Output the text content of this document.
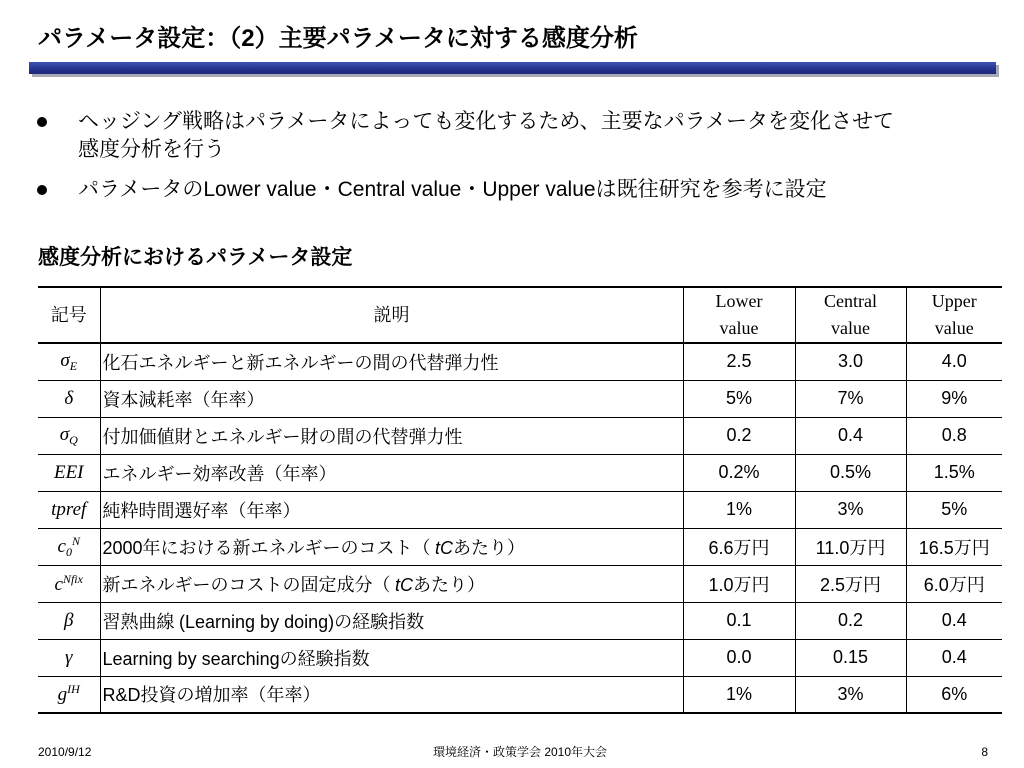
パラメータ設定：（2）主要パラメータに対する感度分析
ヘッジング戦略はパラメータによっても変化するため、主要なパラメータを変化させて
感度分析を行う
パラメータのLower value・Central value・Upper valueは既往研究を参考に設定
感度分析におけるパラメータ設定
記号	説明	Lower value	Central value	Upper value
$\sigma_E$	化石エネルギーと新エネルギーの間の代替弾力性	2.5	3.0	4.0
δ	資本減耗率（年率）	5%	7%	9%
$\sigma_Q$	付加価値財とエネルギー財の間の代替弾力性	0.2	0.4	0.8
EEI	エネルギー効率改善（年率）	0.2%	0.5%	1.5%
tpref	純粋時間選好率（年率）	1%	3%	5%
$c_0^N$	2000年における新エネルギーのコスト（ tCあたり）	6.6万円	11.0万円	16.5万円
$c^{Nfix}$	新エネルギーのコストの固定成分（ tCあたり）	1.0万円	2.5万円	6.0万円
β	習熟曲線 (Learning by doing)の経験指数	0.1	0.2	0.4
γ	Learning by searchingの経験指数	0.0	0.15	0.4
$g^{IH}$	R&D投資の増加率（年率）	1%	3%	6%
2010/9/12	環境経済・政策学会 2010年大会	8
